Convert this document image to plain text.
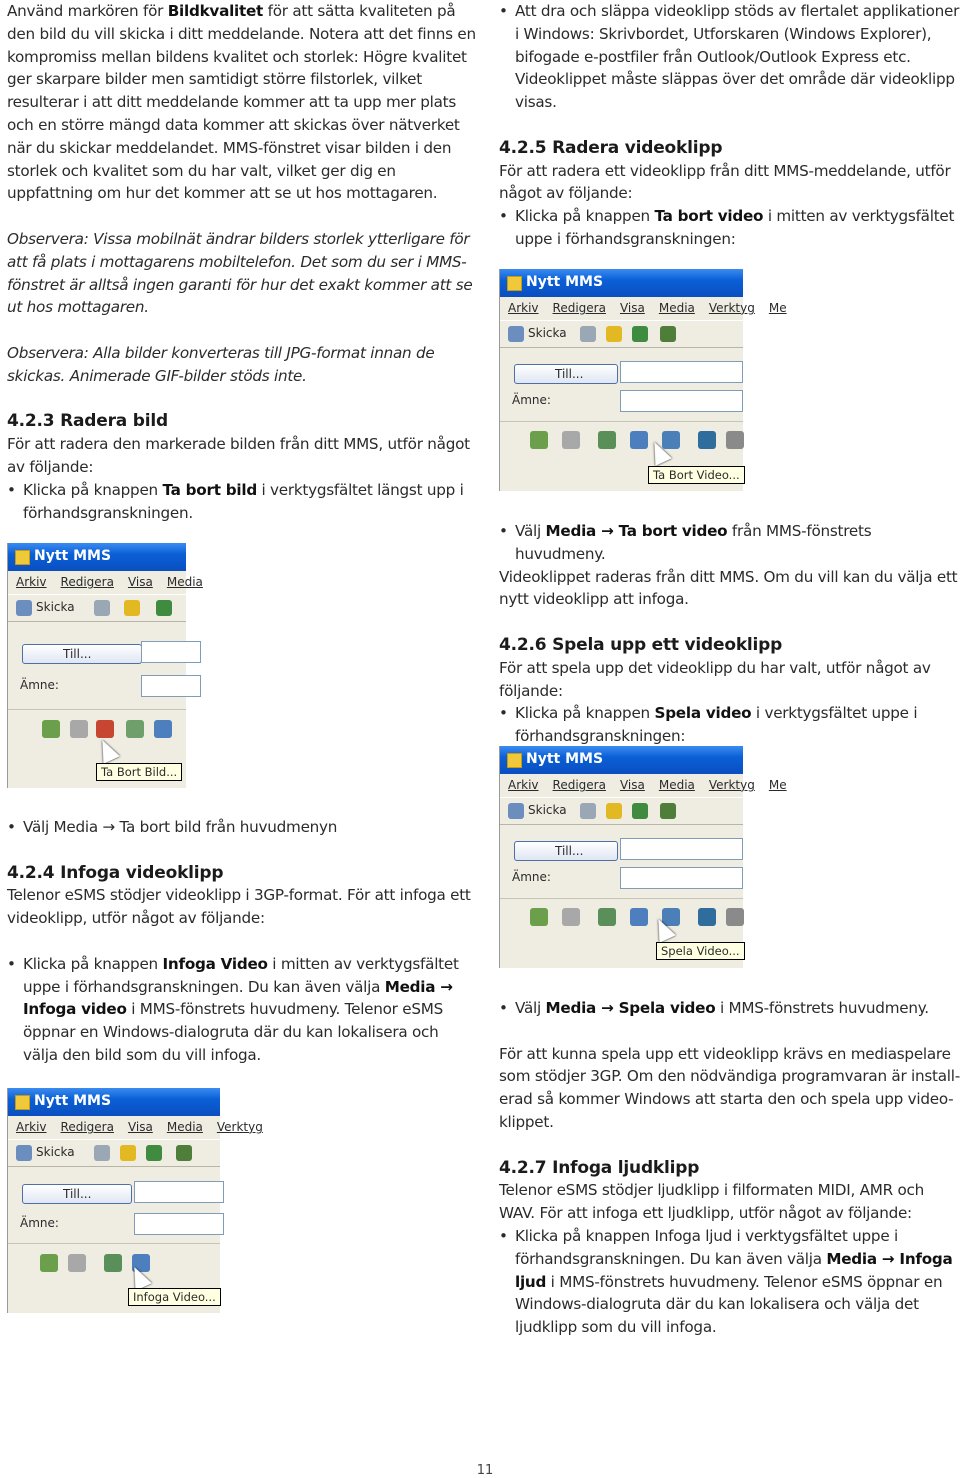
Använd markören för Bildkvalitet för att sätta kvaliteten på den bild du vill skicka i ditt meddelande. Notera att det finns en kompromiss mellan bildens kvalitet och storlek: Högre kvalitet ger skarpare bilder men samtidigt större filstorlek, vilket resulterar i att ditt meddelande kommer att ta upp mer plats och en större mängd data kommer att skickas över nätverket när du skickar meddelandet. MMS-fönstret visar bilden i den storlek och kvalitet som du har valt, vilket ger dig en uppfattning om hur det kommer att se ut hos mottagaren.

Observera: Vissa mobilnät ändrar bilders storlek ytterligare för att få plats i mottagarens mobiltelefon. Det som du ser i MMS-fönstret är alltså ingen garanti för hur det exakt kommer att se ut hos mottagaren.

Observera: Alla bilder konverteras till JPG-format innan de skickas. Animerade GIF-bilder stöds inte.

4.2.3 Radera bild

För att radera den markerade bilden från ditt MMS, utför något av följande:

• Klicka på knappen Ta bort bild i verktygsfältet längst upp i förhandsgranskningen.

• Välj Media → Ta bort bild från huvudmenyn

4.2.4 Infoga videoklipp

Telenor eSMS stödjer videoklipp i 3GP-format. För att infoga ett videoklipp, utför något av följande:

• Klicka på knappen Infoga Video i mitten av verktygsfältet uppe i förhandsgranskningen. Du kan även välja Media → Infoga video i MMS-fönstrets huvudmeny. Telenor eSMS öppnar en Windows-dialogruta där du kan lokalisera och välja den bild som du vill infoga.

• Att dra och släppa videoklipp stöds av flertalet applikationer i Windows: Skrivbordet, Utforskaren (Windows Explorer), bifogade e-postfiler från Outlook/Outlook Express etc. Videoklippet måste släppas över det område där videoklipp visas.

4.2.5 Radera videoklipp

För att radera ett videoklipp från ditt MMS-meddelande, utför något av följande:

• Klicka på knappen Ta bort video i mitten av verktygsfältet uppe i förhandsgranskningen:

• Välj Media → Ta bort video från MMS-fönstrets huvudmeny.

Videoklippet raderas från ditt MMS. Om du vill kan du välja ett nytt videoklipp att infoga.

4.2.6 Spela upp ett videoklipp

För att spela upp det videoklipp du har valt, utför något av följande:

• Klicka på knappen Spela video i verktygsfältet uppe i förhandsgranskningen:

• Välj Media → Spela video i MMS-fönstrets huvudmeny.

För att kunna spela upp ett videoklipp krävs en mediaspelare som stödjer 3GP. Om den nödvändiga programvaran är install-erad så kommer Windows att starta den och spela upp video-klippet.

4.2.7 Infoga ljudklipp

Telenor eSMS stödjer ljudklipp i filformaten MIDI, AMR och WAV. För att infoga ett ljudklipp, utför något av följande:

• Klicka på knappen Infoga ljud i verktygsfältet uppe i förhandsgranskningen. Du kan även välja Media → Infoga ljud i MMS-fönstrets huvudmeny. Telenor eSMS öppnar en Windows-dialogruta där du kan lokalisera och välja det ljudklipp som du vill infoga.

Nytt MMS
Arkiv Redigera Visa Media
Skicka
Till...
Ämne:
Ta Bort Bild...
Nytt MMS
Arkiv Redigera Visa Media Verktyg
Skicka
Till...
Ämne:
Infoga Video...
Nytt MMS
Arkiv Redigera Visa Media Verktyg Me
Skicka
Till...
Ämne:
Ta Bort Video...
Nytt MMS
Arkiv Redigera Visa Media Verktyg Me
Skicka
Till...
Ämne:
Spela Video...
11
